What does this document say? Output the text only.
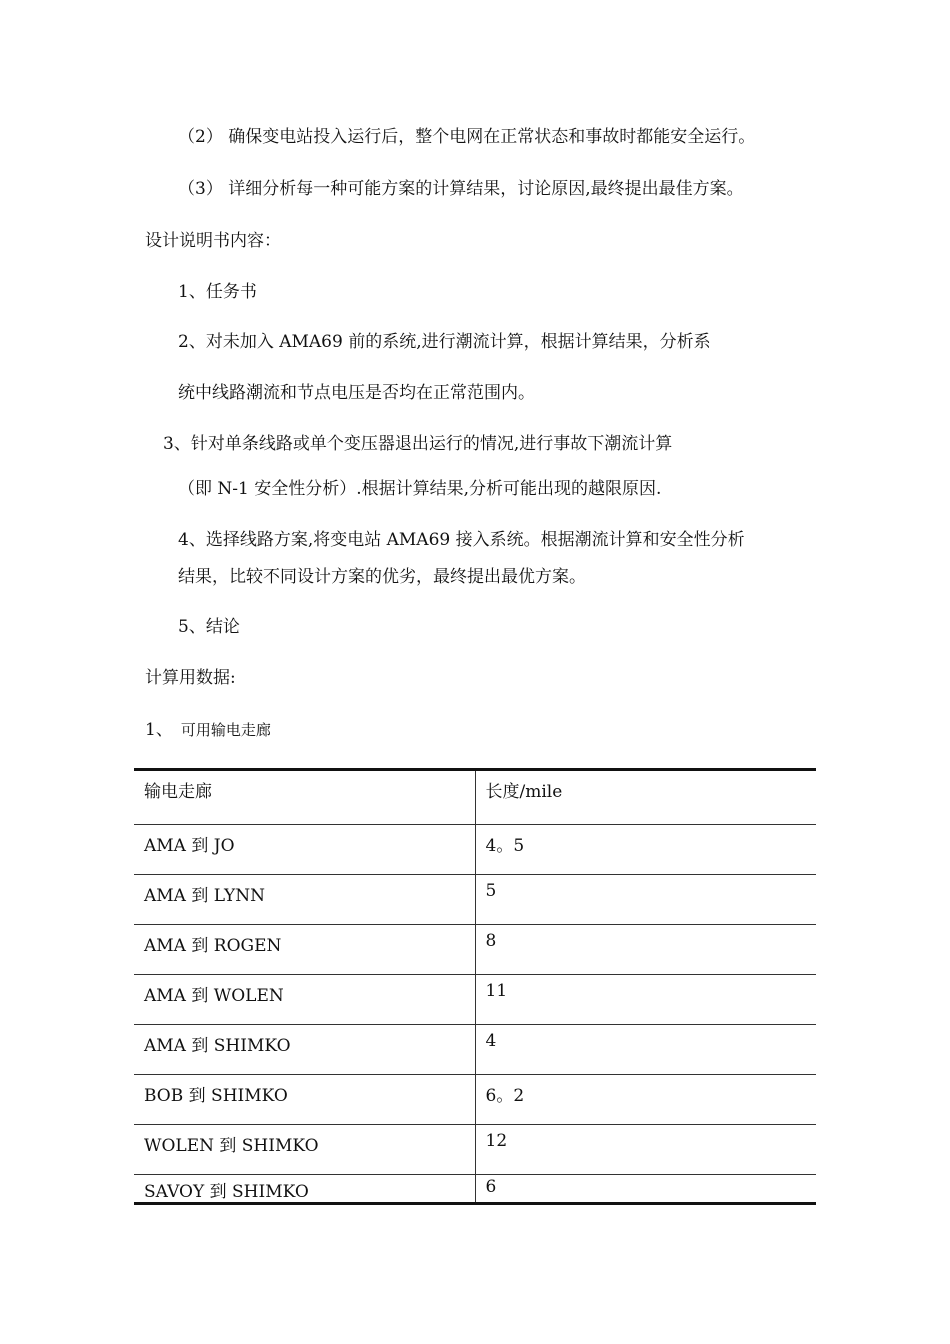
（2） 确保变电站投入运行后，整个电网在正常状态和事故时都能安全运行。
（3） 详细分析每一种可能方案的计算结果，讨论原因,最终提出最佳方案。
设计说明书内容：
1、任务书
2、对未加入 AMA69 前的系统,进行潮流计算，根据计算结果，分析系
统中线路潮流和节点电压是否均在正常范围内。
3、针对单条线路或单个变压器退出运行的情况,进行事故下潮流计算
（即 N-1 安全性分析）.根据计算结果,分析可能出现的越限原因.
4、选择线路方案,将变电站 AMA69 接入系统。根据潮流计算和安全性分析
结果，比较不同设计方案的优劣，最终提出最优方案。
5、结论
计算用数据:
1、 可用输电走廊
输电走廊	长度/mile
AMA 到 JO	4。5
AMA 到 LYNN	5
AMA 到 ROGEN	8
AMA 到 WOLEN	11
AMA 到 SHIMKO	4
BOB 到 SHIMKO	6。2
WOLEN 到 SHIMKO	12
SAVOY 到 SHIMKO	6
